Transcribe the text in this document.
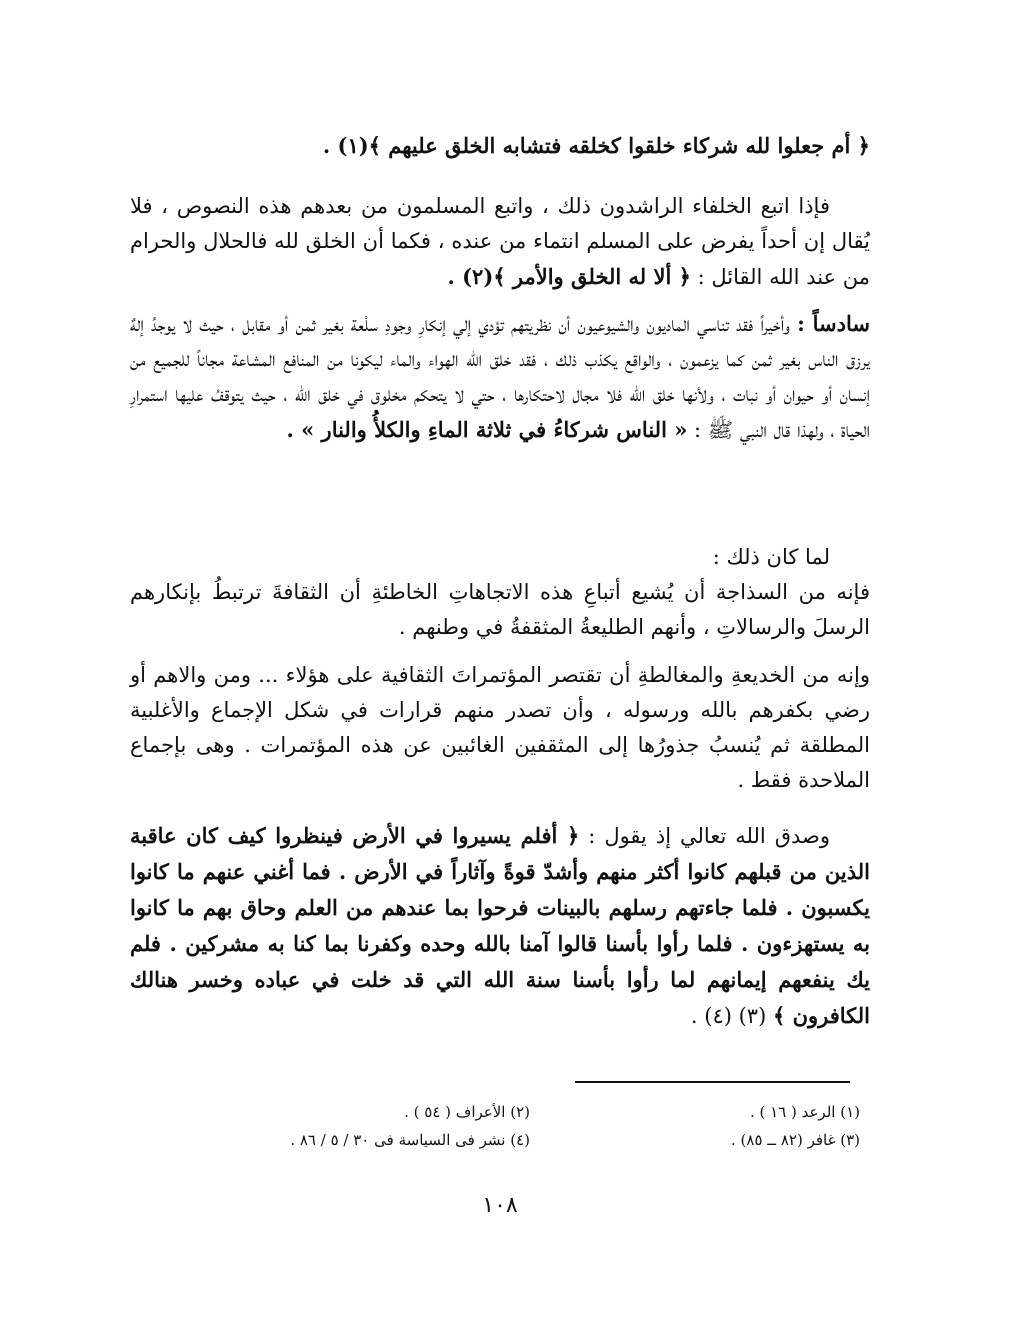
﴿ أم جعلوا لله شركاء خلقوا كخلقه فتشابه الخلق عليهم ﴾(١) .

فإذا اتبع الخلفاء الراشدون ذلك ، واتبع المسلمون من بعدهم هذه النصوص ، فلا يُقال إن أحداً يفرض على المسلم انتماء من عنده ، فكما أن الخلق لله فالحلال والحرام من عند الله القائل : ﴿ ألا له الخلق والأمر ﴾(٢) .

سادساً : وأخيراً فقد تناسي الماديون والشيوعيون أن نظريتهم تؤدي إلي إنكارِ وجودِ سلْعة بغير ثمن أو مقابل ، حيث لا يوجدُ إلهٌ يرزق الناس بغير ثمن كما يزعمون ، والواقع يكذب ذلك ، فقد خلق الله الهواء والماء ليكونا من المنافع المشاعة مجاناً للجميع من إنسان أو حيوان أو نبات ، ولأنها خلق الله فلا مجال لاحتكارها ، حتي لا يتحكم مخلوق في خلق الله ، حيث يتوقفُ عليها استمرارِ الحياة ، ولهذا قال النبي ﷺ : « الناس شركاءُ في ثلاثة الماءِ والكلأُ والنار » .

لما كان ذلك :

فإنه من السذاجة أن يُشيع أتباعِ هذه الاتجاهاتِ الخاطئةِ أن الثقافةَ ترتبطُ بإنكارهم الرسلَ والرسالاتِ ، وأنهم الطليعةُ المثقفةُ في وطنهم .

وإنه من الخديعةِ والمغالطةِ أن تقتصر المؤتمراتَ الثقافية على هؤلاء ... ومن والاهم أو رضي بكفرهم بالله ورسوله ، وأن تصدر منهم قرارات في شكل الإجماع والأغلبية المطلقة ثم يُنسبُ جذورُها إلى المثقفين الغائبين عن هذه المؤتمرات . وهى بإجماع الملاحدة فقط .

وصدق الله تعالي إذ يقول : ﴿ أفلم يسيروا في الأرض فينظروا كيف كان عاقبة الذين من قبلهم كانوا أكثر منهم وأشدّ قوةً وآثاراً في الأرض . فما أغني عنهم ما كانوا يكسبون . فلما جاءتهم رسلهم بالبينات فرحوا بما عندهم من العلم وحاق بهم ما كانوا به يستهزءون . فلما رأوا بأسنا قالوا آمنا بالله وحده وكفرنا بما كنا به مشركين . فلم يك ينفعهم إيمانهم لما رأوا بأسنا سنة الله التي قد خلت في عباده وخسر هنالك الكافرون ﴾ (٣) (٤) .

(١) الرعد ( ١٦ ) .
(٢) الأعراف ( ٥٤ ) .
(٣) غافر (٨٢ ــ ٨٥) .
(٤) نشر فى السياسة فى ٣٠ / ٥ / ٨٦ .
١٠٨
